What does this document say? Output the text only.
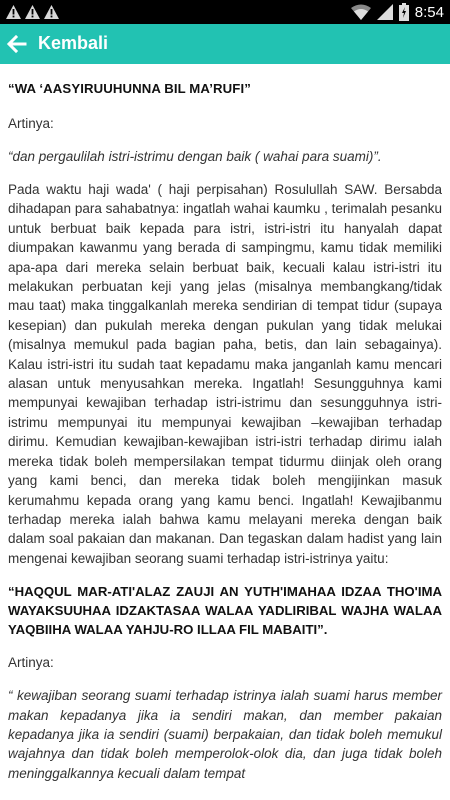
8:54
Kembali

“WA ‘AASYIRUUHUNNA BIL MA’RUFI”

Artinya:

“dan pergaulilah istri-istrimu dengan baik ( wahai para suami)”.

Pada waktu haji wada' ( haji perpisahan) Rosulullah SAW. Bersabda dihadapan para sahabatnya: ingatlah wahai kaumku , terimalah pesanku untuk berbuat baik kepada para istri, istri-istri itu hanyalah dapat diumpakan kawanmu yang berada di sampingmu, kamu tidak memiliki apa-apa dari mereka selain berbuat baik, kecuali kalau istri-istri itu melakukan perbuatan keji yang jelas (misalnya membangkang/tidak mau taat) maka tinggalkanlah mereka sendirian di tempat tidur (supaya kesepian) dan pukulah mereka dengan pukulan yang tidak melukai (misalnya memukul pada bagian paha, betis, dan lain sebagainya). Kalau istri-istri itu sudah taat kepadamu maka janganlah kamu mencari alasan untuk menyusahkan mereka. Ingatlah! Sesungguhnya kami mempunyai kewajiban terhadap istri-istrimu dan sesungguhnya istri-istrimu mempunyai itu mempunyai kewajiban –kewajiban terhadap dirimu. Kemudian kewajiban-kewajiban istri-istri terhadap dirimu ialah mereka tidak boleh mempersilakan tempat tidurmu diinjak oleh orang yang kami benci, dan mereka tidak boleh mengijinkan masuk kerumahmu kepada orang yang kamu benci. Ingatlah! Kewajibanmu terhadap mereka ialah bahwa kamu melayani mereka dengan baik dalam soal pakaian dan makanan. Dan tegaskan dalam hadist yang lain mengenai kewajiban seorang suami terhadap istri-istrinya yaitu:

“HAQQUL MAR-ATI'ALAZ ZAUJI AN YUTH'IMAHAA IDZAA THO'IMA WAYAKSUUHAA IDZAKTASAA WALAA YADLIRIBAL WAJHA WALAA YAQBIIHA WALAA YAHJU-RO ILLAA FIL MABAITI”.

Artinya:

“ kewajiban seorang suami terhadap istrinya ialah suami harus member makan kepadanya jika ia sendiri makan, dan member pakaian kepadanya jika ia sendiri (suami) berpakaian, dan tidak boleh memukul wajahnya dan tidak boleh memperolok-olok dia, dan juga tidak boleh meninggalkannya kecuali dalam tempat
